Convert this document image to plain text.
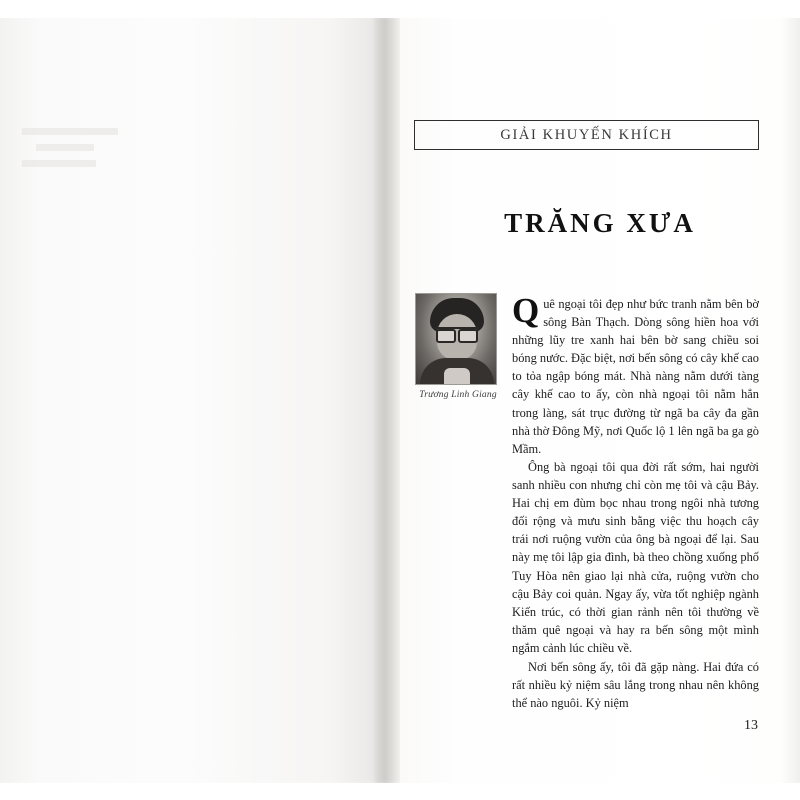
GIẢI KHUYẾN KHÍCH
TRĂNG XƯA
Trương Linh Giang
Q uê ngoại tôi đẹp như bức tranh nằm bên bờ sông Bàn Thạch. Dòng sông hiền hoa với những lũy tre xanh hai bên bờ sang chiều soi bóng nước. Đặc biệt, nơi bến sông có cây khế cao to tỏa ngập bóng mát. Nhà nàng nằm dưới tàng cây khế cao to ấy, còn nhà ngoại tôi nằm hẳn trong làng, sát trục đường từ ngã ba cây đa gần nhà thờ Đông Mỹ, nơi Quốc lộ 1 lên ngã ba ga gò Mầm.

Ông bà ngoại tôi qua đời rất sớm, hai người sanh nhiều con nhưng chỉ còn mẹ tôi và cậu Bảy. Hai chị em đùm bọc nhau trong ngôi nhà tương đối rộng và mưu sinh bằng việc thu hoạch cây trái nơi ruộng vườn của ông bà ngoại để lại. Sau này mẹ tôi lập gia đình, bà theo chồng xuống phố Tuy Hòa nên giao lại nhà cửa, ruộng vườn cho cậu Bảy coi quản. Ngay ấy, vừa tốt nghiệp ngành Kiến trúc, có thời gian rảnh nên tôi thường về thăm quê ngoại và hay ra bến sông một mình ngắm cảnh lúc chiều về.

Nơi bến sông ấy, tôi đã gặp nàng. Hai đứa có rất nhiều kỷ niệm sâu lắng trong nhau nên không thể nào nguôi. Kỷ niệm

13
